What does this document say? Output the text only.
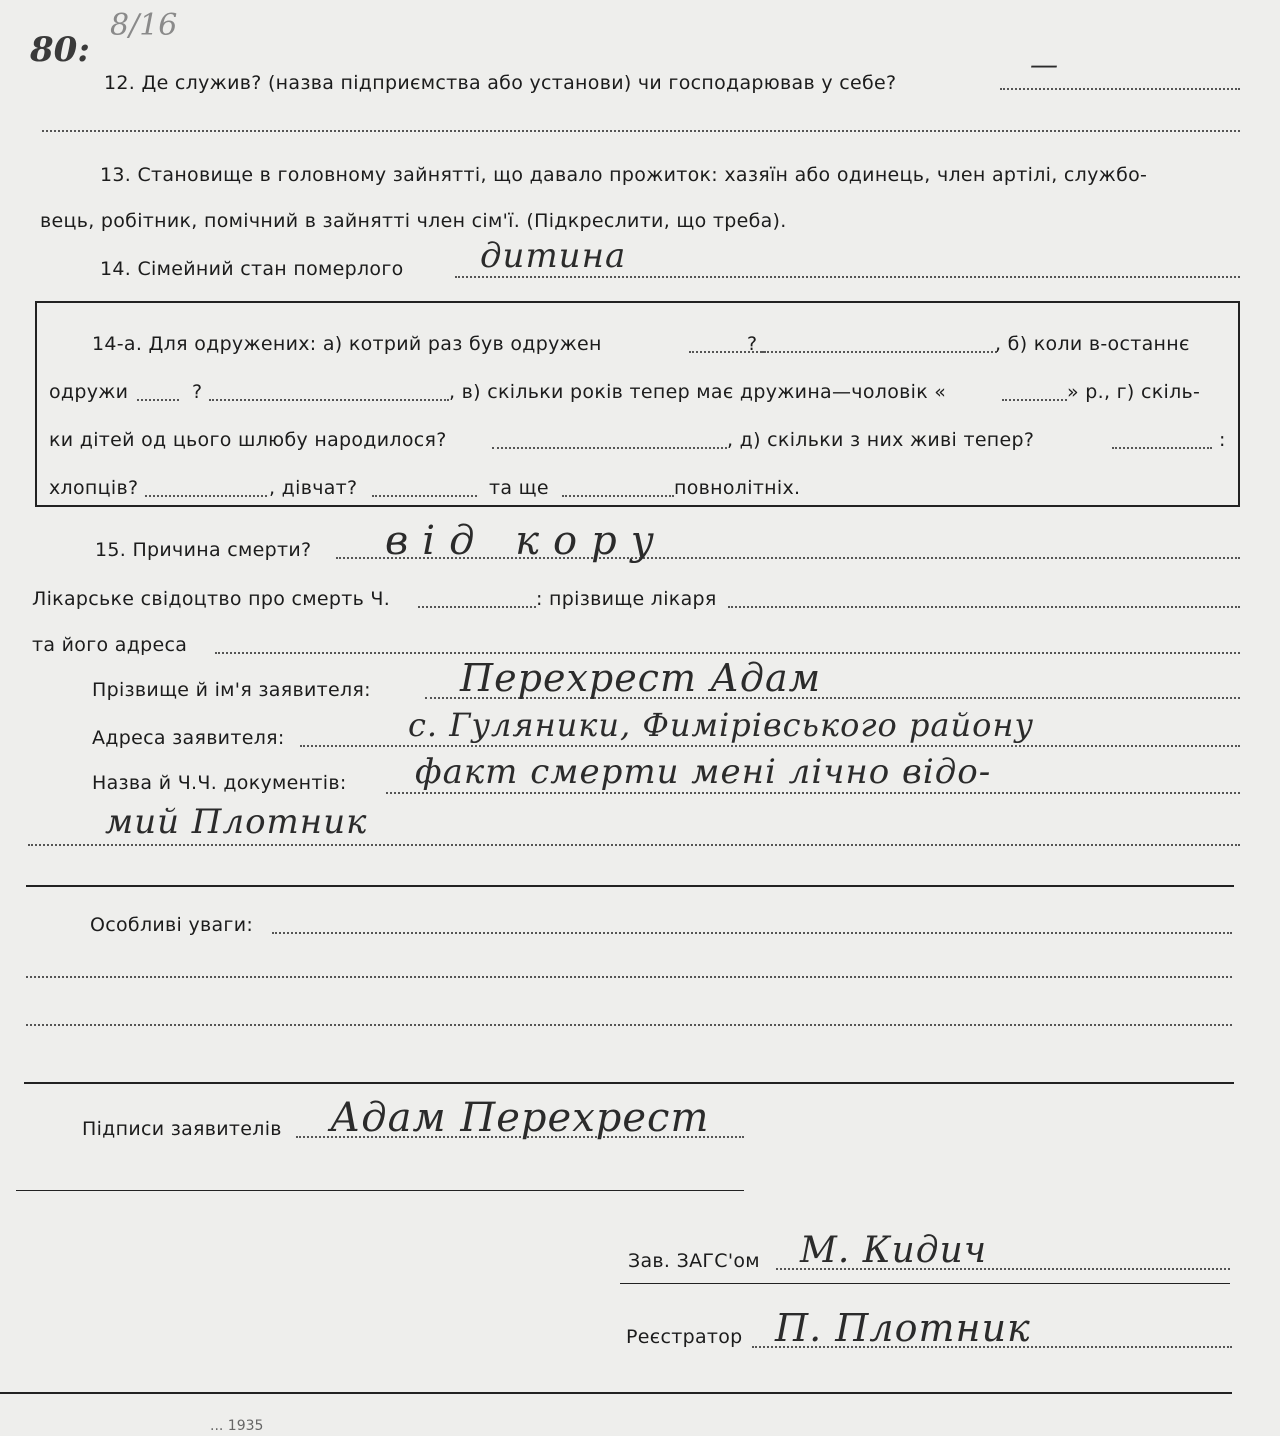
80:
8/16
12. Де служив? (назва підприємства або установи) чи господарював у себе?
—
13. Становище в головному зайнятті, що давало прожиток: хазяїн або одинець, член артілі, службо-
вець, робітник, помічний в зайнятті член сім'ї. (Підкреслити, що треба).
14. Сімейний стан померлого дитина
14-а. Для одружених: а) котрий раз був одружен	?	, б) коли в-останнє
одружи	?	, в) скільки років тепер має дружина—чоловік «	» р., г) скіль-
ки дітей од цього шлюбу народилося?	, д) скільки з них живі тепер?	:
хлопців?	, дівчат?	та ще	повнолітніх.
15. Причина смерти? від кору
Лікарське свідоцтво про смерть Ч.	: прізвище лікаря
та його адреса
Прізвище й ім'я заявителя: Перехрест Адам
Адреса заявителя:	с. Гуляники, Фимірівського району
Назва й Ч.Ч. документів: факт смерти мені лічно відо-
мий Плотник
Особливі уваги:
Підписи заявителів Адам Перехрест
Зав. ЗАГС'ом М. Кидич
Реєстратор П. Плотник
... 1935
